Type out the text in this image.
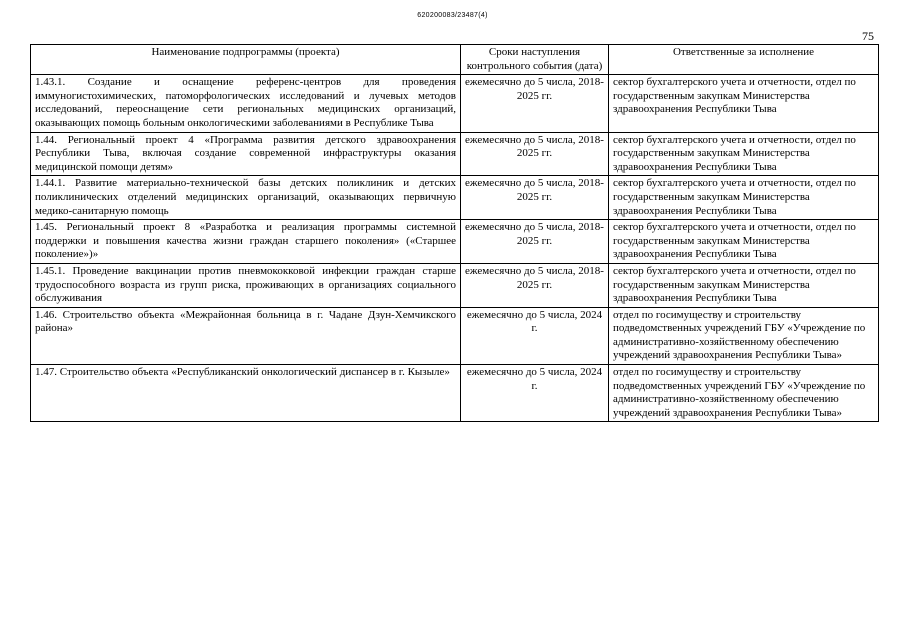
620200083/23487(4)
75
Наименование подпрограммы (проекта)	Сроки наступления контрольного события (дата)	Ответственные за исполнение
1.43.1. Создание и оснащение референс-центров для проведения иммуногистохимических, патоморфологических исследований и лучевых методов исследований, переоснащение сети региональных медицинских организаций, оказывающих помощь больным онкологическими заболеваниями в Республике Тыва	ежемесячно до 5 числа, 2018-2025 гг.	сектор бухгалтерского учета и отчетности, отдел по государственным закупкам Министерства здравоохранения Республики Тыва
1.44. Региональный проект 4 «Программа развития детского здравоохранения Республики Тыва, включая создание современной инфраструктуры оказания медицинской помощи детям»	ежемесячно до 5 числа, 2018-2025 гг.	сектор бухгалтерского учета и отчетности, отдел по государственным закупкам Министерства здравоохранения Республики Тыва
1.44.1. Развитие материально-технической базы детских поликлиник и детских поликлинических отделений медицинских организаций, оказывающих первичную медико-санитарную помощь	ежемесячно до 5 числа, 2018-2025 гг.	сектор бухгалтерского учета и отчетности, отдел по государственным закупкам Министерства здравоохранения Республики Тыва
1.45. Региональный проект 8 «Разработка и реализация программы системной поддержки и повышения качества жизни граждан старшего поколения» («Старшее поколение»)»	ежемесячно до 5 числа, 2018-2025 гг.	сектор бухгалтерского учета и отчетности, отдел по государственным закупкам Министерства здравоохранения Республики Тыва
1.45.1. Проведение вакцинации против пневмококковой инфекции граждан старше трудоспособного возраста из групп риска, проживающих в организациях социального обслуживания	ежемесячно до 5 числа, 2018-2025 гг.	сектор бухгалтерского учета и отчетности, отдел по государственным закупкам Министерства здравоохранения Республики Тыва
1.46. Строительство объекта «Межрайонная больница в г. Чадане Дзун-Хемчикского района»	ежемесячно до 5 числа, 2024 г.	отдел по госимуществу и строительству подведомственных учреждений ГБУ «Учреждение по административно-хозяйственному обеспечению учреждений здравоохранения Республики Тыва»
1.47. Строительство объекта «Республиканский онкологический диспансер в г. Кызыле»	ежемесячно до 5 числа, 2024 г.	отдел по госимуществу и строительству подведомственных учреждений ГБУ «Учреждение по административно-хозяйственному обеспечению учреждений здравоохранения Республики Тыва»
